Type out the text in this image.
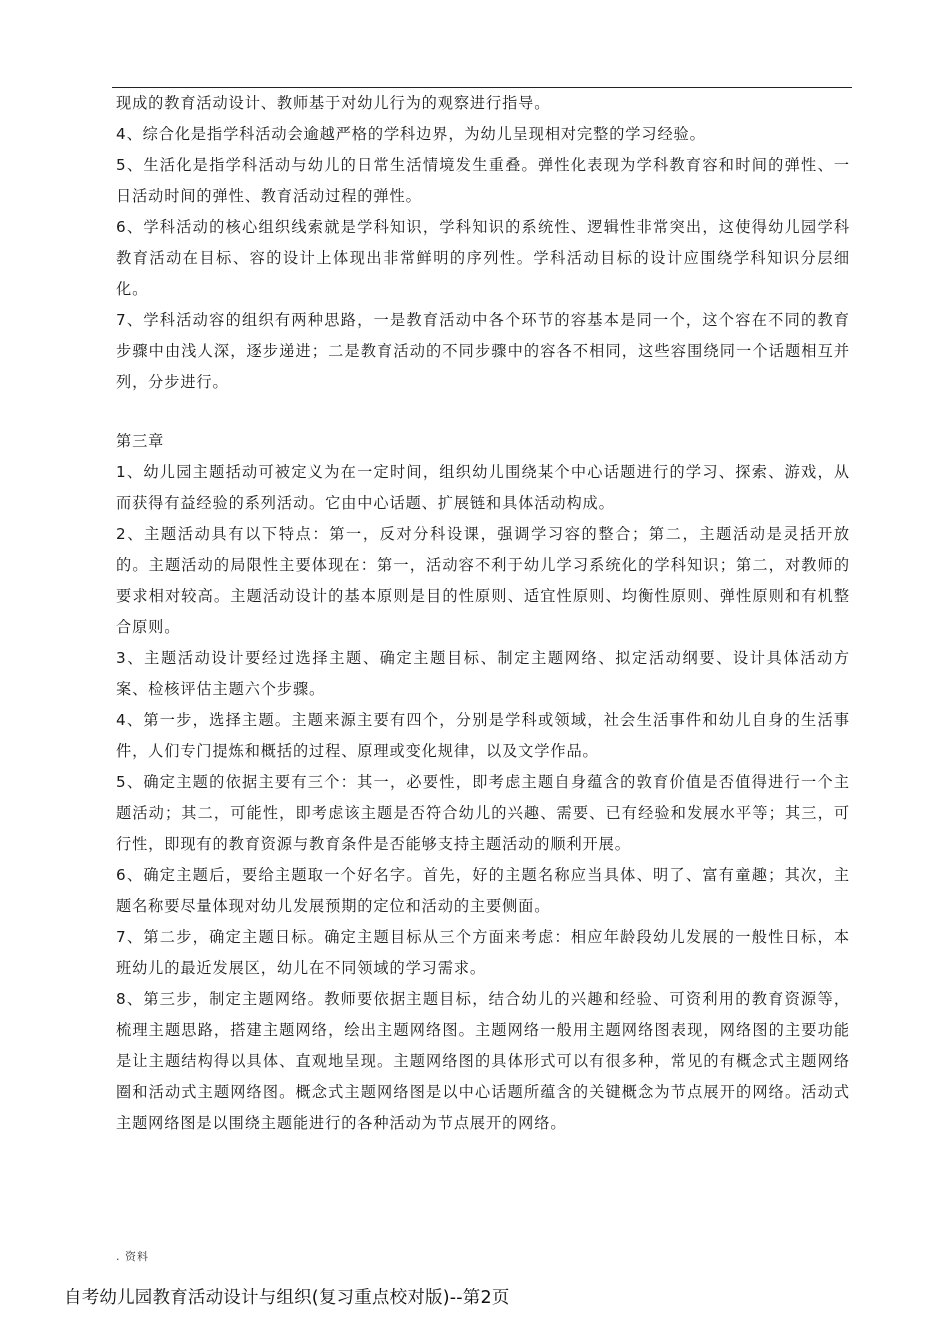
现成的教育活动设计、教师基于对幼儿行为的观察进行指导。

4、综合化是指学科活动会逾越严格的学科边界，为幼儿呈现相对完整的学习经验。

5、生活化是指学科活动与幼儿的日常生活情境发生重叠。弹性化表现为学科教育容和时间的弹性、一日活动时间的弹性、教育活动过程的弹性。

6、学科活动的核心组织线索就是学科知识，学科知识的系统性、逻辑性非常突出，这使得幼儿园学科教育活动在目标、容的设计上体现出非常鲜明的序列性。学科活动目标的设计应围绕学科知识分层细化。

7、学科活动容的组织有两种思路，一是教育活动中各个环节的容基本是同一个，这个容在不同的教育步骤中由浅人深，逐步递进；二是教育活动的不同步骤中的容各不相同，这些容围绕同一个话题相互并列，分步进行。

第三章

1、幼儿园主题括动可被定义为在一定时间，组织幼儿围绕某个中心话题进行的学习、探索、游戏，从而获得有益经验的系列活动。它由中心话题、扩展链和具体活动构成。

2、主题活动具有以下特点：第一，反对分科设课，强调学习容的整合；第二，主题活动是灵括开放的。主题活动的局限性主要体现在：第一，活动容不利于幼儿学习系统化的学科知识；第二，对教师的要求相对较高。主题活动设计的基本原则是目的性原则、适宜性原则、均衡性原则、弹性原则和有机整合原则。

3、主题活动设计要经过选择主题、确定主题目标、制定主题网络、拟定活动纲要、设计具体活动方案、检核评估主题六个步骤。

4、第一步，选择主题。主题来源主要有四个，分别是学科或领域，社会生活事件和幼儿自身的生活事件，人们专门提炼和概括的过程、原理或变化规律，以及文学作品。

5、确定主题的依据主要有三个：其一，必要性，即考虑主题自身蕴含的敦育价值是否值得进行一个主题活动；其二，可能性，即考虑该主题是否符合幼儿的兴趣、需要、已有经验和发展水平等；其三，可行性，即现有的教育资源与教育条件是否能够支持主题活动的顺利开展。

6、确定主题后，要给主题取一个好名字。首先，好的主题名称应当具体、明了、富有童趣；其次，主题名称要尽量体现对幼儿发展预期的定位和活动的主要侧面。

7、第二步，确定主题日标。确定主题目标从三个方面来考虑：相应年龄段幼儿发展的一般性日标，本班幼儿的最近发展区，幼儿在不同领域的学习需求。

8、第三步，制定主题网络。教师要依据主题目标，结合幼儿的兴趣和经验、可资利用的教育资源等，梳理主题思路，搭建主题网络，绘出主题网络图。主题网络一般用主题网络图表现，网络图的主要功能是让主题结构得以具体、直观地呈现。主题网络图的具体形式可以有很多种，常见的有概念式主题网络圈和活动式主题网络图。概念式主题网络图是以中心话题所蕴含的关键概念为节点展开的网络。活动式主题网络图是以围绕主题能进行的各种活动为节点展开的网络。

. 资料
自考幼儿园教育活动设计与组织(复习重点校对版)--第2页
